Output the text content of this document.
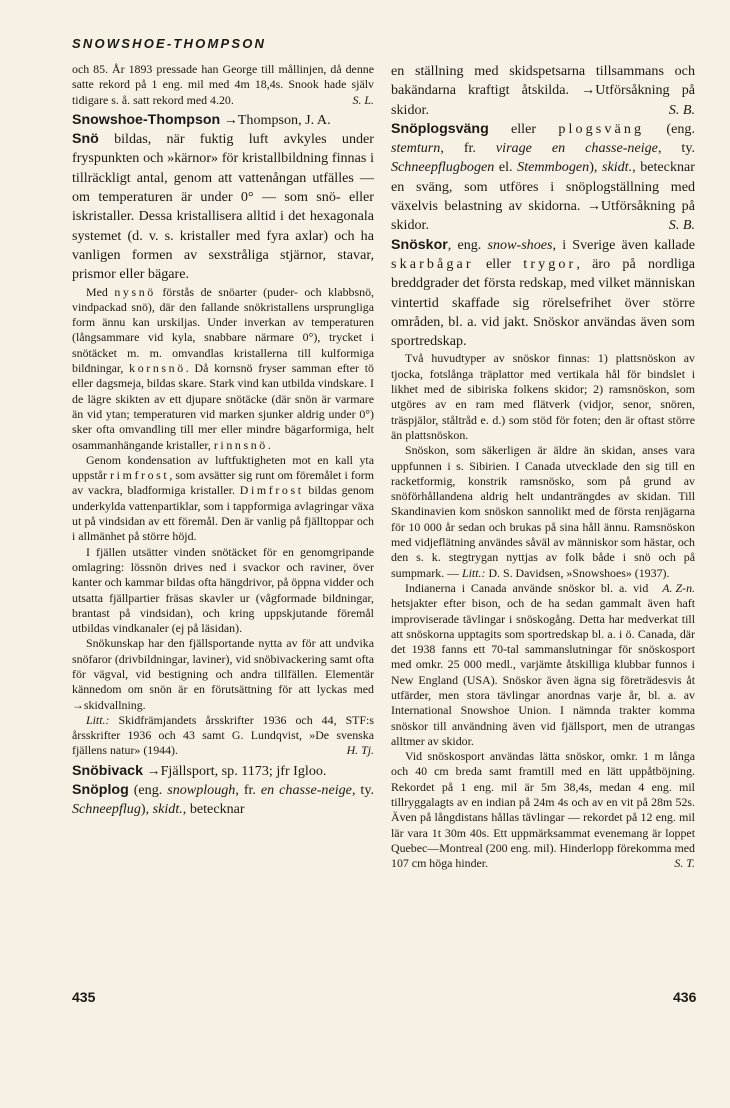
SNOWSHOE-THOMPSON

och 85. År 1893 pressade han George till mållinjen, då denne satte rekord på 1 eng. mil med 4m 18,4s. Snook hade själv tidigare s. å. satt rekord med 4.20.	S. L.

Snowshoe-Thompson →Thompson, J. A.

Snö bildas, när fuktig luft avkyles under fryspunkten och »kärnor» för kristallbildning finnas i tillräckligt antal, genom att vattenångan utfälles — om temperaturen är under 0° — som snö- eller iskristaller. Dessa kristallisera alltid i det hexagonala systemet (d. v. s. kristaller med fyra axlar) och ha vanligen formen av sexstråliga stjärnor, stavar, prismor eller bägare.

Med nysnö förstås de snöarter (puder- och klabbsnö, vindpackad snö), där den fallande snökristallens ursprungliga form ännu kan urskiljas. Under inverkan av temperaturen (långsammare vid kyla, snabbare närmare 0°), trycket i snötäcket m. m. omvandlas kristallerna till kulformiga bildningar, kornsnö. Då kornsnö fryser samman efter tö eller dagsmeja, bildas skare. Stark vind kan utbilda vindskare. I de lägre skikten av ett djupare snötäcke (där snön är varmare än vid ytan; temperaturen vid marken sjunker aldrig under 0°) sker ofta omvandling till mer eller mindre bägarformiga, helt osammanhängande kristaller, rinnsnö.

Genom kondensation av luftfuktigheten mot en kall yta uppstår rimfrost, som avsätter sig runt om föremålet i form av vackra, bladformiga kristaller. Dimfrost bildas genom underkylda vattenpartiklar, som i tappformiga avlagringar växa ut på vindsidan av ett föremål. Den är vanlig på fjälltoppar och i allmänhet på större höjd.

I fjällen utsätter vinden snötäcket för en genomgripande omlagring: lössnön drives ned i svackor och raviner, över kanter och kammar bildas ofta hängdrivor, på öppna vidder och utsatta fjällpartier fräsas skavler ur (vågformade bildningar, brantast på vindsidan), och kring uppskjutande föremål utbildas vindkanaler (ej på läsidan).

Snökunskap har den fjällsportande nytta av för att undvika snöfaror (drivbildningar, laviner), vid snöbivackering samt ofta för vägval, vid bestigning och andra tillfällen. Elementär kännedom om snön är en förutsättning för att lyckas med →skidvallning.

Litt.: Skidfrämjandets årsskrifter 1936 och 44, STF:s årsskrifter 1936 och 43 samt G. Lundqvist, »De svenska fjällens natur» (1944).	H. Tj.

Snöbivack →Fjällsport, sp. 1173; jfr Igloo.

Snöplog (eng. snowplough, fr. en chasse-neige, ty. Schneepflug), skidt., betecknar

en ställning med skidspetsarna tillsammans och bakändarna kraftigt åtskilda. →Utförsåkning på skidor.	S. B.

Snöplogsväng eller plogsväng (eng. stemturn, fr. virage en chasse-neige, ty. Schneepflugbogen el. Stemmbogen), skidt., betecknar en sväng, som utföres i snöplogställning med växelvis belastning av skidorna. →Utförsåkning på skidor.	S. B.

Snöskor, eng. snow-shoes, i Sverige även kallade skarbågar eller trygor, äro på nordliga breddgrader det första redskap, med vilket människan vintertid skaffade sig rörelsefrihet över större områden, bl. a. vid jakt. Snöskor användas även som sportredskap.

Två huvudtyper av snöskor finnas: 1) plattsnöskon av tjocka, fotslånga träplattor med vertikala hål för bindslet i likhet med de sibiriska folkens skidor; 2) ramsnöskon, som utgöres av en ram med flätverk (vidjor, senor, snören, träspjälor, ståltråd e. d.) som stöd för foten; den är oftast större än plattsnöskon.

Snöskon, som säkerligen är äldre än skidan, anses vara uppfunnen i s. Sibirien. I Canada utvecklade den sig till en racketformig, konstrik ramsnösko, som på grund av snöförhållandena aldrig helt undanträngdes av skidan. Till Skandinavien kom snöskon sannolikt med de första renjägarna för 10 000 år sedan och brukas på sina håll ännu. Ramsnöskon med vidjeflätning användes såväl av människor som hästar, och den s. k. stegtrygan nyttjas av folk både i snö och på sumpmark. — Litt.: D. S. Davidsen, »Snowshoes» (1937).
A. Z-n.

Indianerna i Canada använde snöskor bl. a. vid hetsjakter efter bison, och de ha sedan gammalt även haft improviserade tävlingar i snöskogång. Detta har medverkat till att snöskorna upptagits som sportredskap bl. a. i ö. Canada, där det 1938 fanns ett 70-tal sammanslutningar för snöskosport med omkr. 25 000 medl., varjämte åtskilliga klubbar funnos i New England (USA). Snöskor även ägna sig företrädesvis åt utfärder, men stora tävlingar anordnas varje år, bl. a. av International Snowshoe Union. I nämnda trakter komma snöskor till användning även vid fjällsport, men de utrangas alltmer av skidor.

Vid snöskosport användas lätta snöskor, omkr. 1 m långa och 40 cm breda samt framtill med en lätt uppåtböjning. Rekordet på 1 eng. mil är 5m 38,4s, medan 4 eng. mil tillryggalagts av en indian på 24m 4s och av en vit på 28m 52s. Även på långdistans hållas tävlingar — rekordet på 12 eng. mil lär vara 1t 30m 40s. Ett uppmärksammat evenemang är loppet Quebec—Montreal (200 eng. mil). Hinderlopp förekomma med 107 cm höga hinder.	S. T.

435	436
